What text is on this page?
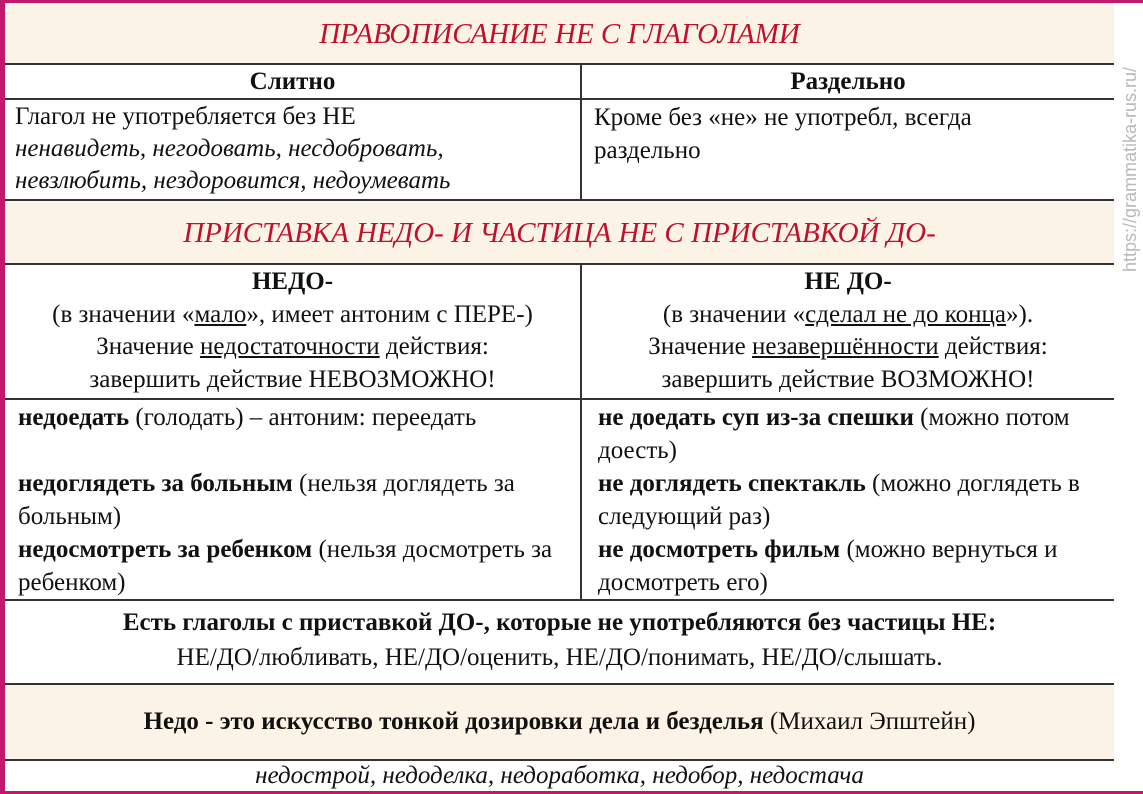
ПРАВОПИСАНИЕ НЕ С ГЛАГОЛАМИ
Слитно	Раздельно
Глагол не употребляется без НЕ
ненавидеть, негодовать, несдобровать,
невзлюбить, нездоровится, недоумевать
Кроме без «не» не употребл, всегда раздельно
ПРИСТАВКА НЕДО- И ЧАСТИЦА НЕ С ПРИСТАВКОЙ ДО-
НЕДО-
(в значении «мало», имеет антоним с ПЕРЕ-)
Значение недостаточности действия:
завершить действие НЕВОЗМОЖНО!
НЕ ДО-
(в значении «сделал не до конца»).
Значение незавершённости действия:
завершить действие ВОЗМОЖНО!
недоедать (голодать) – антоним: переедать
недоглядеть за больным (нельзя доглядеть за больным)
недосмотреть за ребенком (нельзя досмотреть за ребенком)
не доедать суп из-за спешки (можно потом доесть)
не доглядеть спектакль (можно доглядеть в следующий раз)
не досмотреть фильм (можно вернуться и досмотреть его)
Есть глаголы с приставкой ДО-, которые не употребляются без частицы НЕ:
НЕ/ДО/любливать, НЕ/ДО/оценить, НЕ/ДО/понимать, НЕ/ДО/слышать.
Недо - это искусство тонкой дозировки дела и безделья (Михаил Эпштейн)
недострой, недоделка, недоработка, недобор, недостача
https://grammatika-rus.ru/
